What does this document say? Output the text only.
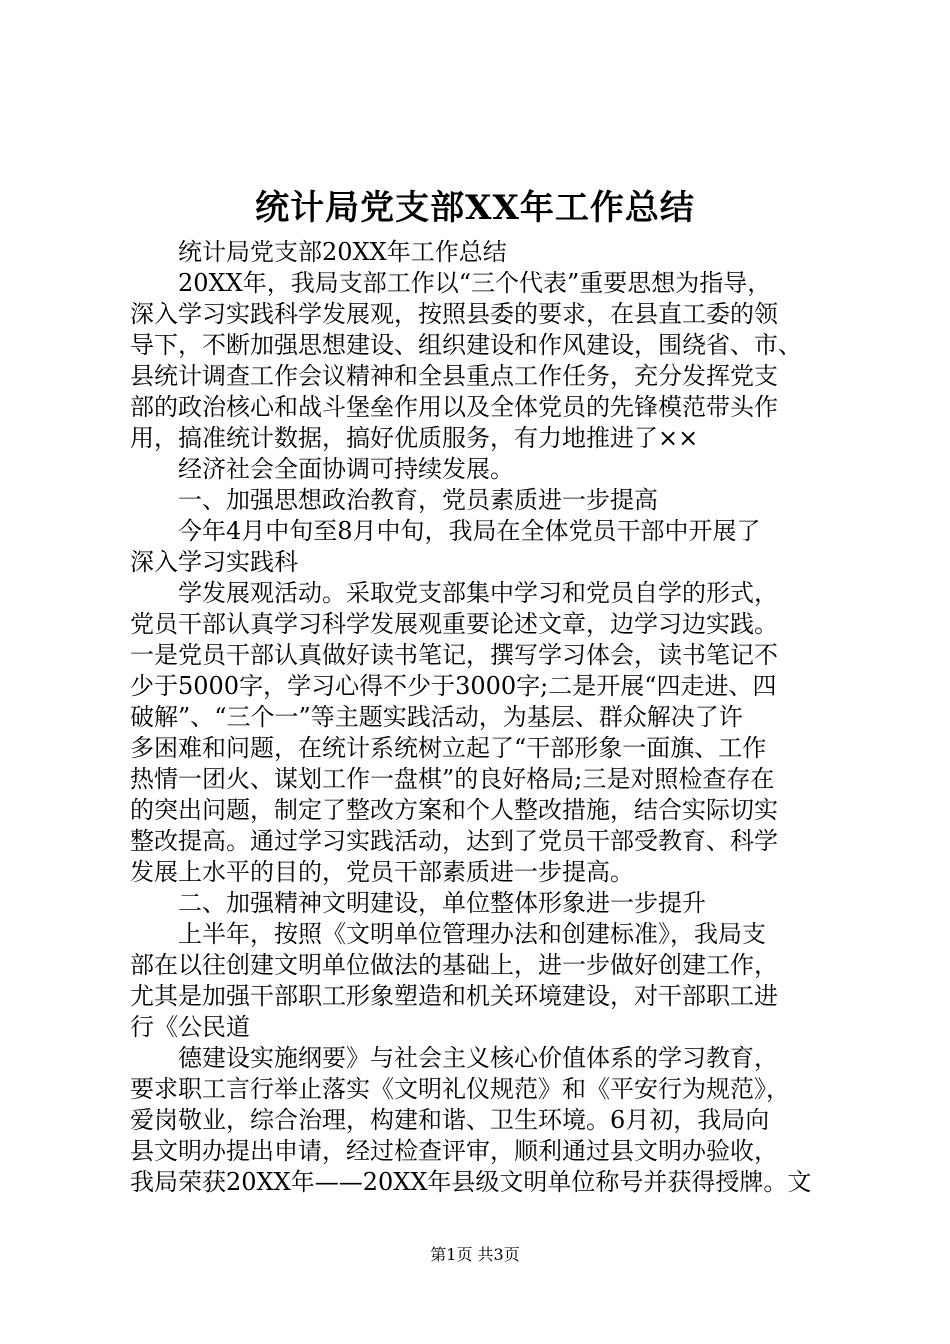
统计局党支部XX年工作总结
统计局党支部20XX年工作总结
20XX年，我局支部工作以“三个代表”重要思想为指导，
深入学习实践科学发展观，按照县委的要求，在县直工委的领
导下，不断加强思想建设、组织建设和作风建设，围绕省、市、
县统计调查工作会议精神和全县重点工作任务，充分发挥党支
部的政治核心和战斗堡垒作用以及全体党员的先锋模范带头作
用，搞准统计数据，搞好优质服务，有力地推进了××
经济社会全面协调可持续发展。
一、加强思想政治教育，党员素质进一步提高
今年4月中旬至8月中旬，我局在全体党员干部中开展了
深入学习实践科
学发展观活动。采取党支部集中学习和党员自学的形式，
党员干部认真学习科学发展观重要论述文章，边学习边实践。
一是党员干部认真做好读书笔记，撰写学习体会，读书笔记不
少于5000字，学习心得不少于3000字;二是开展“四走进、四
破解”、“三个一”等主题实践活动，为基层、群众解决了许
多困难和问题，在统计系统树立起了“干部形象一面旗、工作
热情一团火、谋划工作一盘棋”的良好格局;三是对照检查存在
的突出问题，制定了整改方案和个人整改措施，结合实际切实
整改提高。通过学习实践活动，达到了党员干部受教育、科学
发展上水平的目的，党员干部素质进一步提高。
二、加强精神文明建设，单位整体形象进一步提升
上半年，按照《文明单位管理办法和创建标准》，我局支
部在以往创建文明单位做法的基础上，进一步做好创建工作，
尤其是加强干部职工形象塑造和机关环境建设，对干部职工进
行《公民道
德建设实施纲要》与社会主义核心价值体系的学习教育，
要求职工言行举止落实《文明礼仪规范》和《平安行为规范》，
爱岗敬业，综合治理，构建和谐、卫生环境。6月初，我局向
县文明办提出申请，经过检查评审，顺利通过县文明办验收，
我局荣获20XX年——20XX年县级文明单位称号并获得授牌。文
第1页 共3页
